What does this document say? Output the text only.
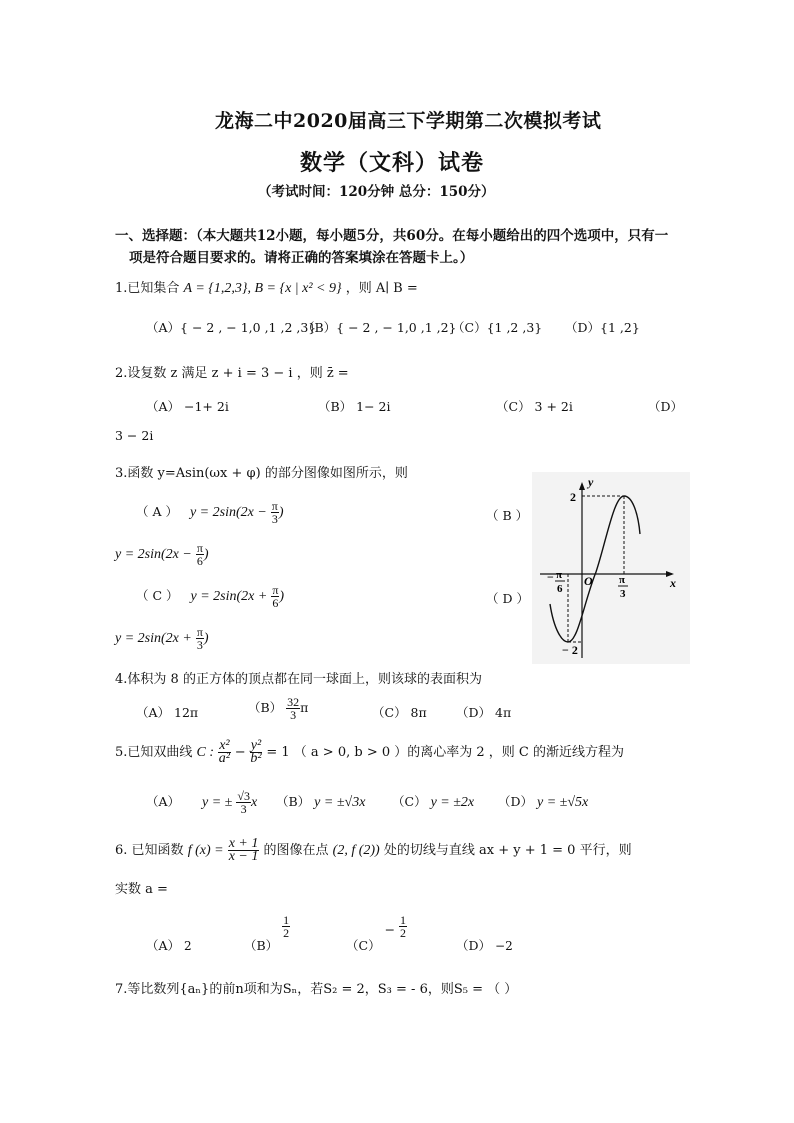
龙海二中2020届高三下学期第二次模拟考试
数学（文科）试卷
（考试时间：120分钟 总分：150分）
一、选择题：（本大题共12小题，每小题5分，共60分。在每小题给出的四个选项中，只有一
项是符合题目要求的。请将正确的答案填涂在答题卡上。）
1.已知集合 A = {1,2,3}, B = {x | x² < 9} ，则 A∣ B =
（A）{ − 2 , − 1,0 ,1 ,2 ,3}
（B）{ − 2 , − 1,0 ,1 ,2}
（C）{1 ,2 ,3} （D）{1 ,2}
2.设复数 z 满足 z + i = 3 − i ，则 z̄ =
（A） −1+ 2i	（B） 1− 2i	（C） 3 + 2i	（D）
3 − 2i
3.函数 y=Asin(ωx + φ) 的部分图像如图所示，则
（ A ） $y = 2\sin(2x - \frac{\pi}{3}$ )	（ B ）
$y = 2\sin(2x - \frac{\pi}{6}$ )
（ C ） $y = 2\sin(2x + \frac{\pi}{6}$ )	（ D ）
$y = 2\sin(2x + \frac{\pi}{3}$ )
y
x
O
2
− 2
− π
6
π
3
4.体积为 8 的正方体的顶点都在同一球面上，则该球的表面积为
（A） 12π	$(B) \frac{32}{3}$ π	（C） 8π （D） 4π
5.已知双曲线 C : $\frac{\text{x²}}{\text{a²}} - \frac{\text{y²}}{\text{b²}} = 1$ （ a > 0, b > 0 ）的离心率为 2 ，则 C 的渐近线方程为
（A） y = ± $\frac{√3}{3}$ x （B） y = ±√3x （C） y = ±2x （D） y = ±√5x
6. 已知函数 f $(x) = \frac{x + 1}{x - 1}$ 的图像在点 (2, f (2)) 处的切线与直线 ax + y + 1 = 0 平行，则
实数 a =
（A） 2	（B）
$\frac{1}{2}$
$(C) - \frac{1}{2}$
（D） −2
7.等比数列{aₙ}的前n项和为Sₙ，若S₂ = 2，S₃ = - 6，则S₅ = （ ）
